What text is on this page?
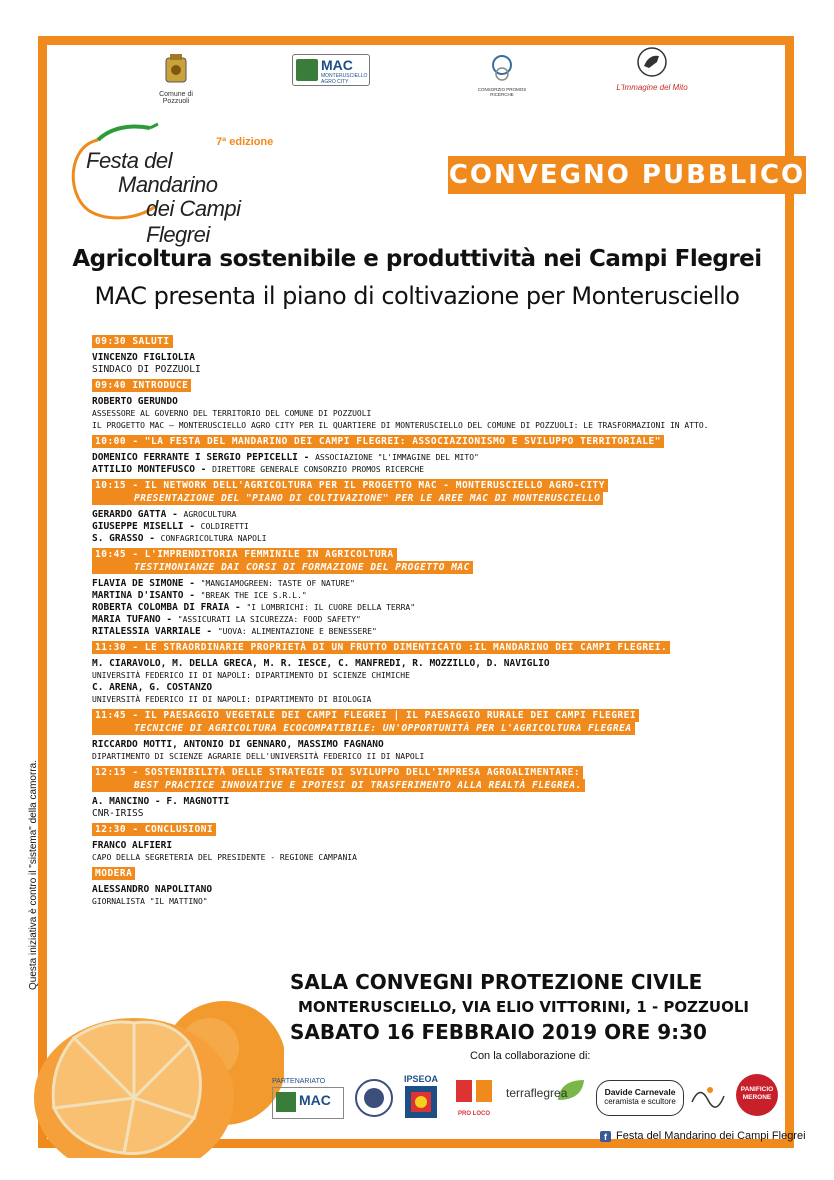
Comune di Pozzuoli
MAC
MONTERUSCIELLO AGRO CITY
CONSORZIO PROMOS RICERCHE
L'Immagine del Mito
7ª edizione
Festa del
Mandarino
dei Campi Flegrei
CONVEGNO PUBBLICO
Agricoltura sostenibile e produttività nei Campi Flegrei
MAC presenta il piano di coltivazione per Monterusciello
09:30 SALUTI
VINCENZO FIGLIOLIA
SINDACO DI POZZUOLI
09:40 INTRODUCE
ROBERTO GERUNDO
ASSESSORE AL GOVERNO DEL TERRITORIO DEL COMUNE DI POZZUOLI
IL PROGETTO MAC – MONTERUSCIELLO AGRO CITY PER IL QUARTIERE DI MONTERUSCIELLO DEL COMUNE DI POZZUOLI: LE TRASFORMAZIONI IN ATTO.
10:00 - "LA FESTA DEL MANDARINO DEI CAMPI FLEGREI: ASSOCIAZIONISMO E SVILUPPO TERRITORIALE"
DOMENICO FERRANTE I SERGIO PEPICELLI - ASSOCIAZIONE "L'IMMAGINE DEL MITO"
ATTILIO MONTEFUSCO - DIRETTORE GENERALE CONSORZIO PROMOS RICERCHE
10:15 - IL NETWORK DELL'AGRICOLTURA PER IL PROGETTO MAC - MONTERUSCIELLO AGRO-CITY
PRESENTAZIONE DEL "PIANO DI COLTIVAZIONE" PER LE AREE MAC DI MONTERUSCIELLO
GERARDO GATTA - AGROCULTURA
GIUSEPPE MISELLI - COLDIRETTI
S. GRASSO - CONFAGRICOLTURA NAPOLI
10:45 - L'IMPRENDITORIA FEMMINILE IN AGRICOLTURA
TESTIMONIANZE DAI CORSI DI FORMAZIONE DEL PROGETTO MAC
FLAVIA DE SIMONE - "MANGIAMOGREEN: TASTE OF NATURE"
MARTINA D'ISANTO - "BREAK THE ICE S.R.L."
ROBERTA COLOMBA DI FRAIA - "I LOMBRICHI: IL CUORE DELLA TERRA"
MARIA TUFANO - "ASSICURATI LA SICUREZZA: FOOD SAFETY"
RITALESSIA VARRIALE - "UOVA: ALIMENTAZIONE E BENESSERE"
11:30 - LE STRAORDINARIE PROPRIETÀ DI UN FRUTTO DIMENTICATO :IL MANDARINO DEI CAMPI FLEGREI.
M. CIARAVOLO, M. DELLA GRECA, M. R. IESCE, C. MANFREDI, R. MOZZILLO, D. NAVIGLIO
UNIVERSITÀ FEDERICO II DI NAPOLI: DIPARTIMENTO DI SCIENZE CHIMICHE
C. ARENA, G. COSTANZO
UNIVERSITÀ FEDERICO II DI NAPOLI: DIPARTIMENTO DI BIOLOGIA
11:45 - IL PAESAGGIO VEGETALE DEI CAMPI FLEGREI | IL PAESAGGIO RURALE DEI CAMPI FLEGREI
TECNICHE DI AGRICOLTURA ECOCOMPATIBILE: UN'OPPORTUNITÀ PER L'AGRICOLTURA FLEGREA
RICCARDO MOTTI, ANTONIO DI GENNARO, MASSIMO FAGNANO
DIPARTIMENTO DI SCIENZE AGRARIE DELL'UNIVERSITÀ FEDERICO II DI NAPOLI
12:15 - SOSTENIBILITÀ DELLE STRATEGIE DI SVILUPPO DELL'IMPRESA AGROALIMENTARE:
BEST PRACTICE INNOVATIVE E IPOTESI DI TRASFERIMENTO ALLA REALTÀ FLEGREA.
A. MANCINO - F. MAGNOTTI
CNR-IRISS
12:30 - CONCLUSIONI
FRANCO ALFIERI
CAPO DELLA SEGRETERIA DEL PRESIDENTE - REGIONE CAMPANIA
MODERA
ALESSANDRO NAPOLITANO
GIORNALISTA "IL MATTINO"
Questa iniziativa è contro il "sistema" della camorra.	SALA CONVEGNI PROTEZIONE CIVILE
MONTERUSCIELLO, VIA ELIO VITTORINI, 1 - POZZUOLI
SABATO 16 FEBBRAIO 2019 ORE 9:30
Con la collaborazione di:
PARTENARIATO
MAC
IPSEOA
PRO LOCO
terraflegrea	Davide Carnevale
ceramista e scultore
PANIFICIO MERONE
f Festa del Mandarino dei Campi Flegrei
